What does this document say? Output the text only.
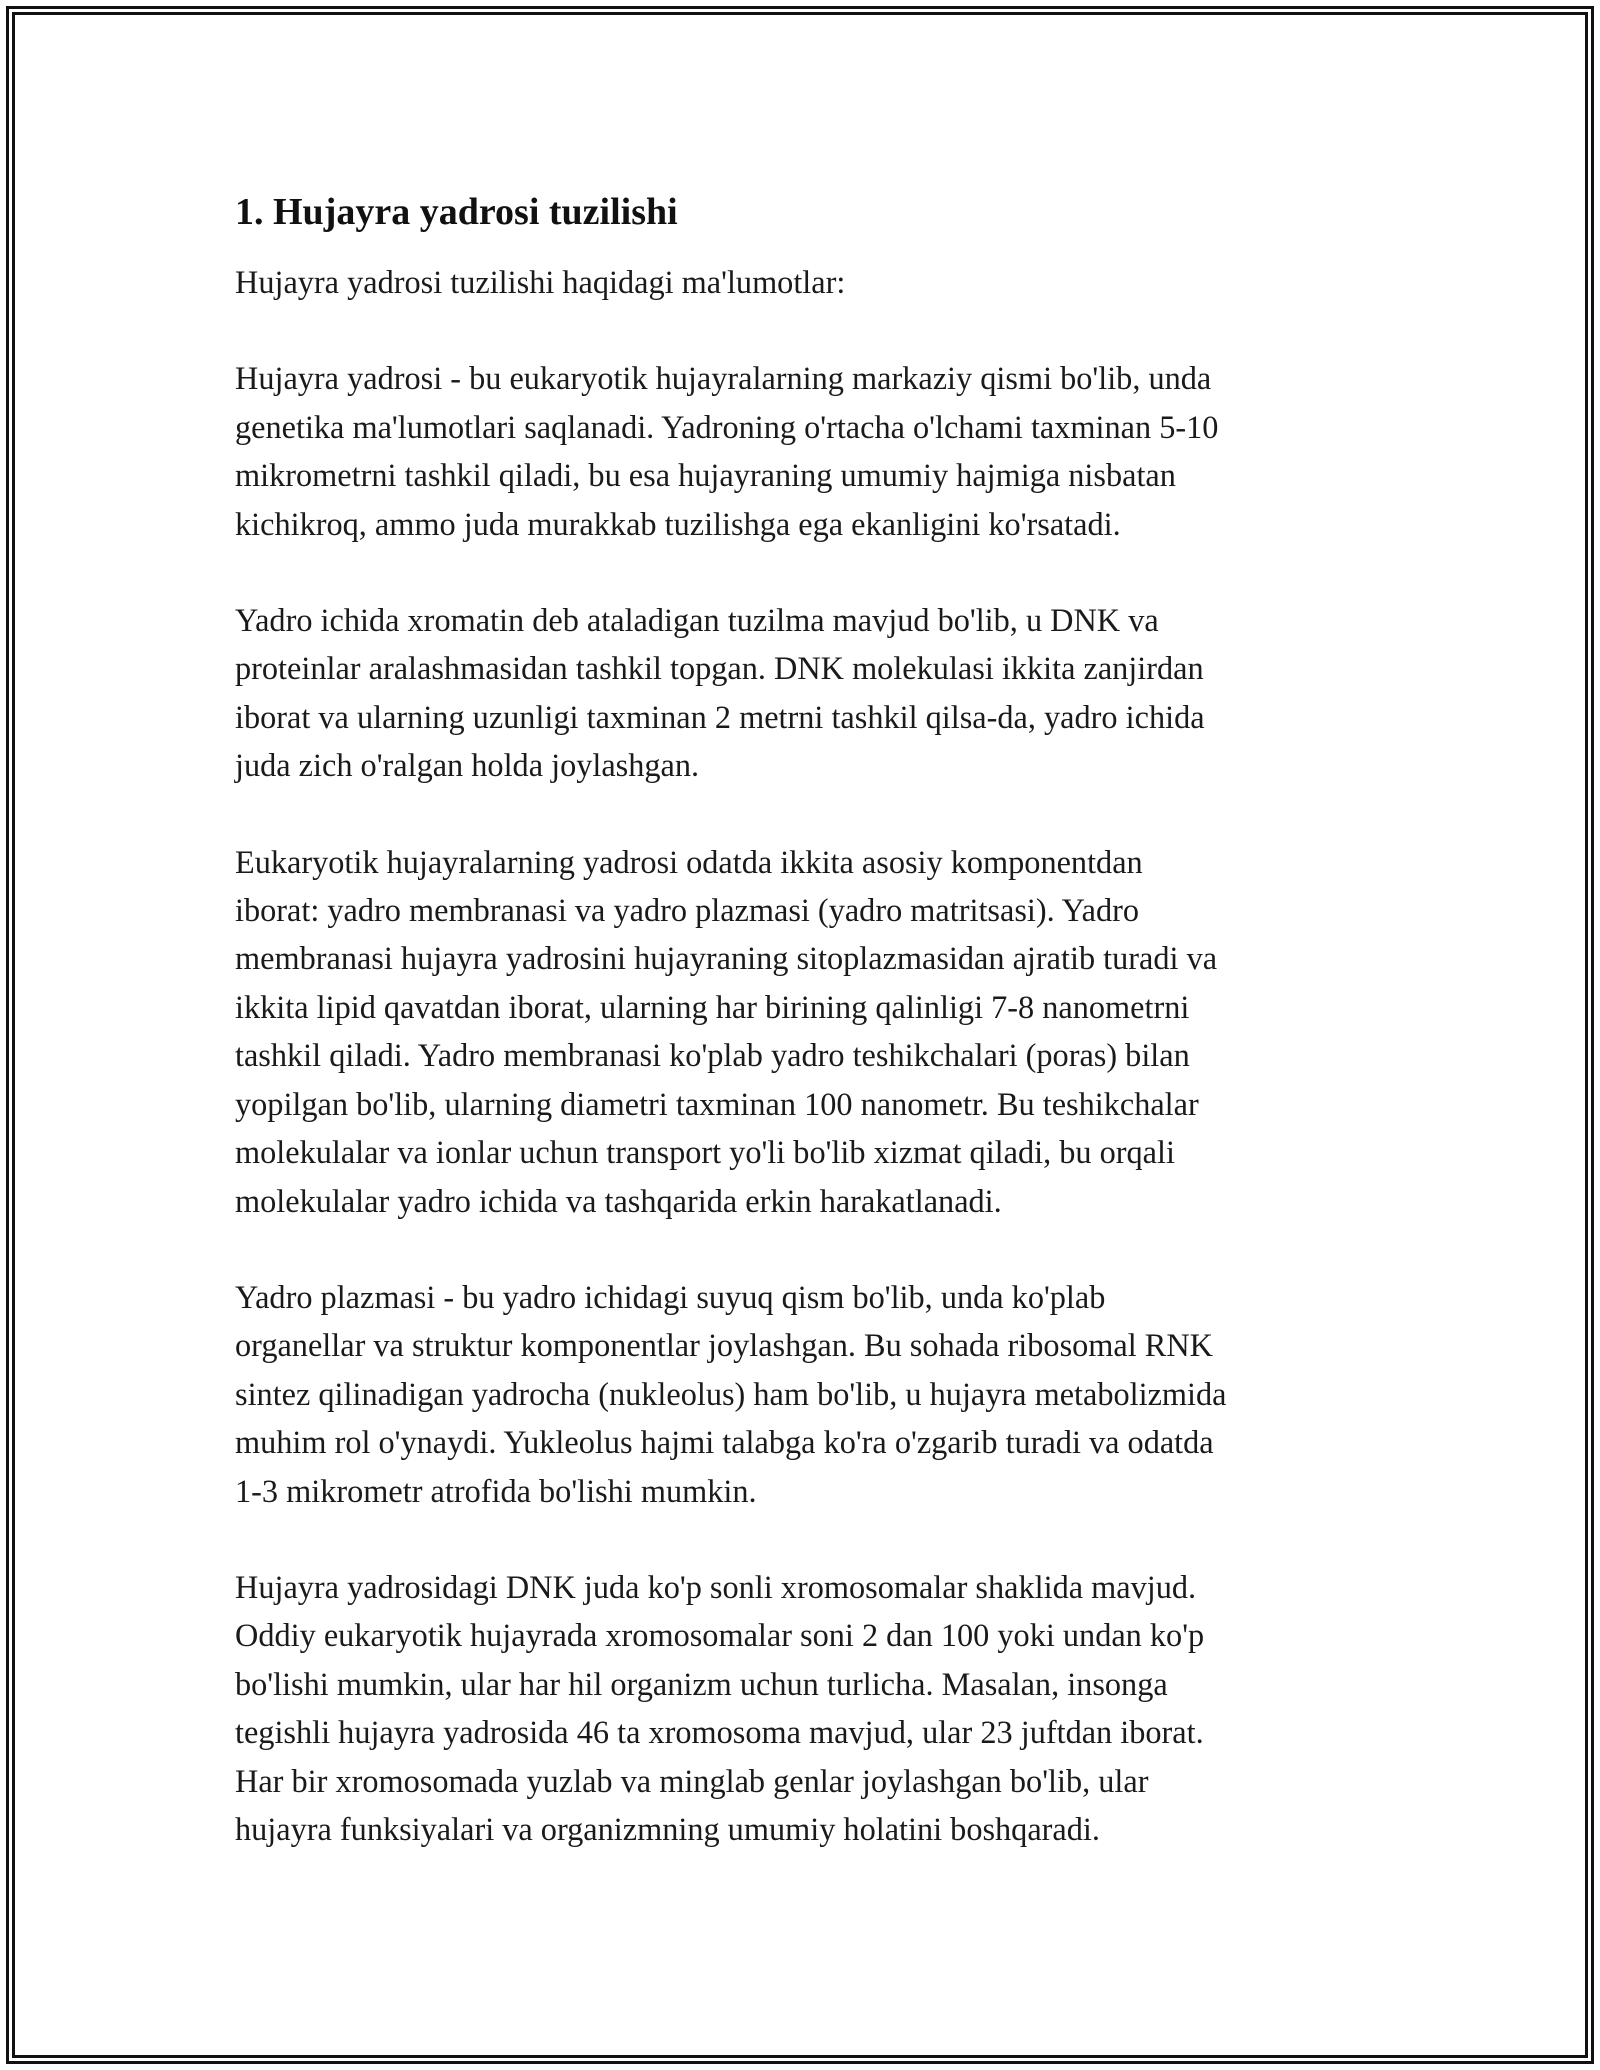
1. Hujayra yadrosi tuzilishi

Hujayra yadrosi tuzilishi haqidagi ma'lumotlar:

Hujayra yadrosi - bu eukaryotik hujayralarning markaziy qismi bo'lib, unda
genetika ma'lumotlari saqlanadi. Yadroning o'rtacha o'lchami taxminan 5-10
mikrometrni tashkil qiladi, bu esa hujayraning umumiy hajmiga nisbatan
kichikroq, ammo juda murakkab tuzilishga ega ekanligini ko'rsatadi.

Yadro ichida xromatin deb ataladigan tuzilma mavjud bo'lib, u DNK va
proteinlar aralashmasidan tashkil topgan. DNK molekulasi ikkita zanjirdan
iborat va ularning uzunligi taxminan 2 metrni tashkil qilsa-da, yadro ichida
juda zich o'ralgan holda joylashgan.

Eukaryotik hujayralarning yadrosi odatda ikkita asosiy komponentdan
iborat: yadro membranasi va yadro plazmasi (yadro matritsasi). Yadro
membranasi hujayra yadrosini hujayraning sitoplazmasidan ajratib turadi va
ikkita lipid qavatdan iborat, ularning har birining qalinligi 7-8 nanometrni
tashkil qiladi. Yadro membranasi ko'plab yadro teshikchalari (poras) bilan
yopilgan bo'lib, ularning diametri taxminan 100 nanometr. Bu teshikchalar
molekulalar va ionlar uchun transport yo'li bo'lib xizmat qiladi, bu orqali
molekulalar yadro ichida va tashqarida erkin harakatlanadi.

Yadro plazmasi - bu yadro ichidagi suyuq qism bo'lib, unda ko'plab
organellar va struktur komponentlar joylashgan. Bu sohada ribosomal RNK
sintez qilinadigan yadrocha (nukleolus) ham bo'lib, u hujayra metabolizmida
muhim rol o'ynaydi. Yukleolus hajmi talabga ko'ra o'zgarib turadi va odatda
1-3 mikrometr atrofida bo'lishi mumkin.

Hujayra yadrosidagi DNK juda ko'p sonli xromosomalar shaklida mavjud.
Oddiy eukaryotik hujayrada xromosomalar soni 2 dan 100 yoki undan ko'p
bo'lishi mumkin, ular har hil organizm uchun turlicha. Masalan, insonga
tegishli hujayra yadrosida 46 ta xromosoma mavjud, ular 23 juftdan iborat.
Har bir xromosomada yuzlab va minglab genlar joylashgan bo'lib, ular
hujayra funksiyalari va organizmning umumiy holatini boshqaradi.
